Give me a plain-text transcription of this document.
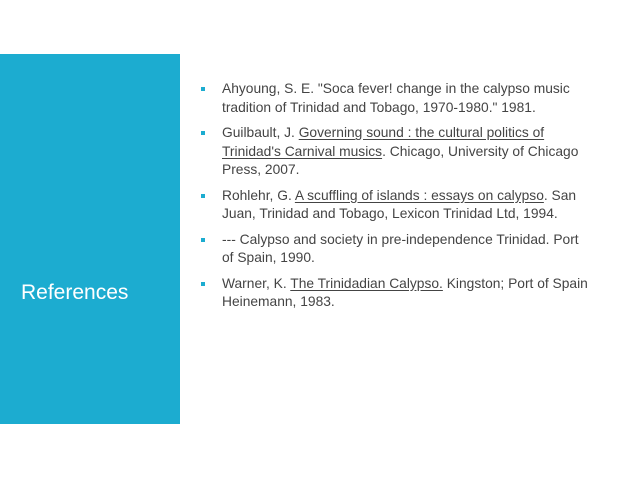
References
Ahyoung, S. E. "Soca fever! change in the calypso music tradition of Trinidad and Tobago, 1970-1980." 1981.
Guilbault, J. Governing sound : the cultural politics of Trinidad's Carnival musics. Chicago, University of Chicago Press, 2007.
Rohlehr, G. A scuffling of islands : essays on calypso. San Juan, Trinidad and Tobago, Lexicon Trinidad Ltd, 1994.
--- Calypso and society in pre-independence Trinidad. Port of Spain, 1990.
Warner, K. The Trinidadian Calypso. Kingston; Port of Spain Heinemann, 1983.
